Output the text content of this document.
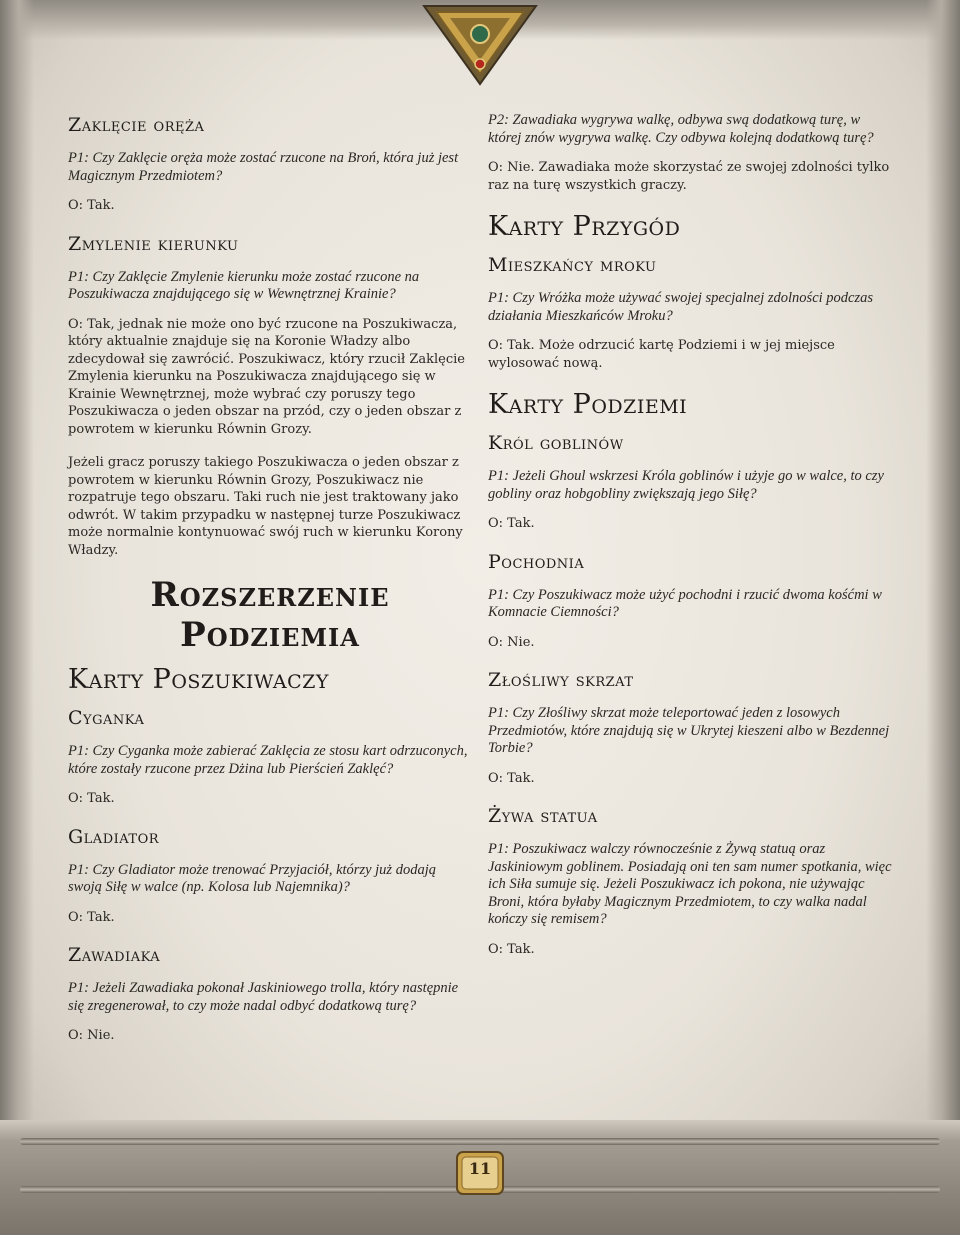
11
Zaklęcie oręża
P1: Czy Zaklęcie oręża może zostać rzucone na Broń, która już jest Magicznym Przedmiotem?
O: Tak.
Zmylenie kierunku
P1: Czy Zaklęcie Zmylenie kierunku może zostać rzucone na Poszukiwacza znajdującego się w Wewnętrznej Krainie?
O: Tak, jednak nie może ono być rzucone na Poszukiwacza, który aktualnie znajduje się na Koronie Władzy albo zdecydował się zawrócić. Poszukiwacz, który rzucił Zaklęcie Zmylenia kierunku na Poszukiwacza znajdującego się w Krainie Wewnętrznej, może wybrać czy poruszy tego Poszukiwacza o jeden obszar na przód, czy o jeden obszar z powrotem w kierunku Równin Grozy.
Jeżeli gracz poruszy takiego Poszukiwacza o jeden obszar z powrotem w kierunku Równin Grozy, Poszukiwacz nie rozpatruje tego obszaru. Taki ruch nie jest traktowany jako odwrót. W takim przypadku w następnej turze Poszukiwacz może normalnie kontynuować swój ruch w kierunku Korony Władzy.
Rozszerzenie
Podziemia
Karty Poszukiwaczy
Cyganka
P1: Czy Cyganka może zabierać Zaklęcia ze stosu kart odrzuconych, które zostały rzucone przez Dżina lub Pierścień Zaklęć?
O: Tak.
Gladiator
P1: Czy Gladiator może trenować Przyjaciół, którzy już dodają swoją Siłę w walce (np. Kolosa lub Najemnika)?
O: Tak.
Zawadiaka
P1: Jeżeli Zawadiaka pokonał Jaskiniowego trolla, który następnie się zregenerował, to czy może nadal odbyć dodatkową turę?
O: Nie.
P2: Zawadiaka wygrywa walkę, odbywa swą dodatkową turę, w której znów wygrywa walkę. Czy odbywa kolejną dodatkową turę?
O: Nie. Zawadiaka może skorzystać ze swojej zdolności tylko raz na turę wszystkich graczy.
Karty Przygód
Mieszkańcy mroku
P1: Czy Wróżka może używać swojej specjalnej zdolności podczas działania Mieszkańców Mroku?
O: Tak. Może odrzucić kartę Podziemi i w jej miejsce wylosować nową.
Karty Podziemi
Król goblinów
P1: Jeżeli Ghoul wskrzesi Króla goblinów i użyje go w walce, to czy gobliny oraz hobgobliny zwiększają jego Siłę?
O: Tak.
Pochodnia
P1: Czy Poszukiwacz może użyć pochodni i rzucić dwoma kośćmi w Komnacie Ciemności?
O: Nie.
Złośliwy skrzat
P1: Czy Złośliwy skrzat może teleportować jeden z losowych Przedmiotów, które znajdują się w Ukrytej kieszeni albo w Bezdennej Torbie?
O: Tak.
Żywa statua
P1: Poszukiwacz walczy równocześnie z Żywą statuą oraz Jaskiniowym goblinem. Posiadają oni ten sam numer spotkania, więc ich Siła sumuje się. Jeżeli Poszukiwacz ich pokona, nie używając Broni, która byłaby Magicznym Przedmiotem, to czy walka nadal kończy się remisem?
O: Tak.
